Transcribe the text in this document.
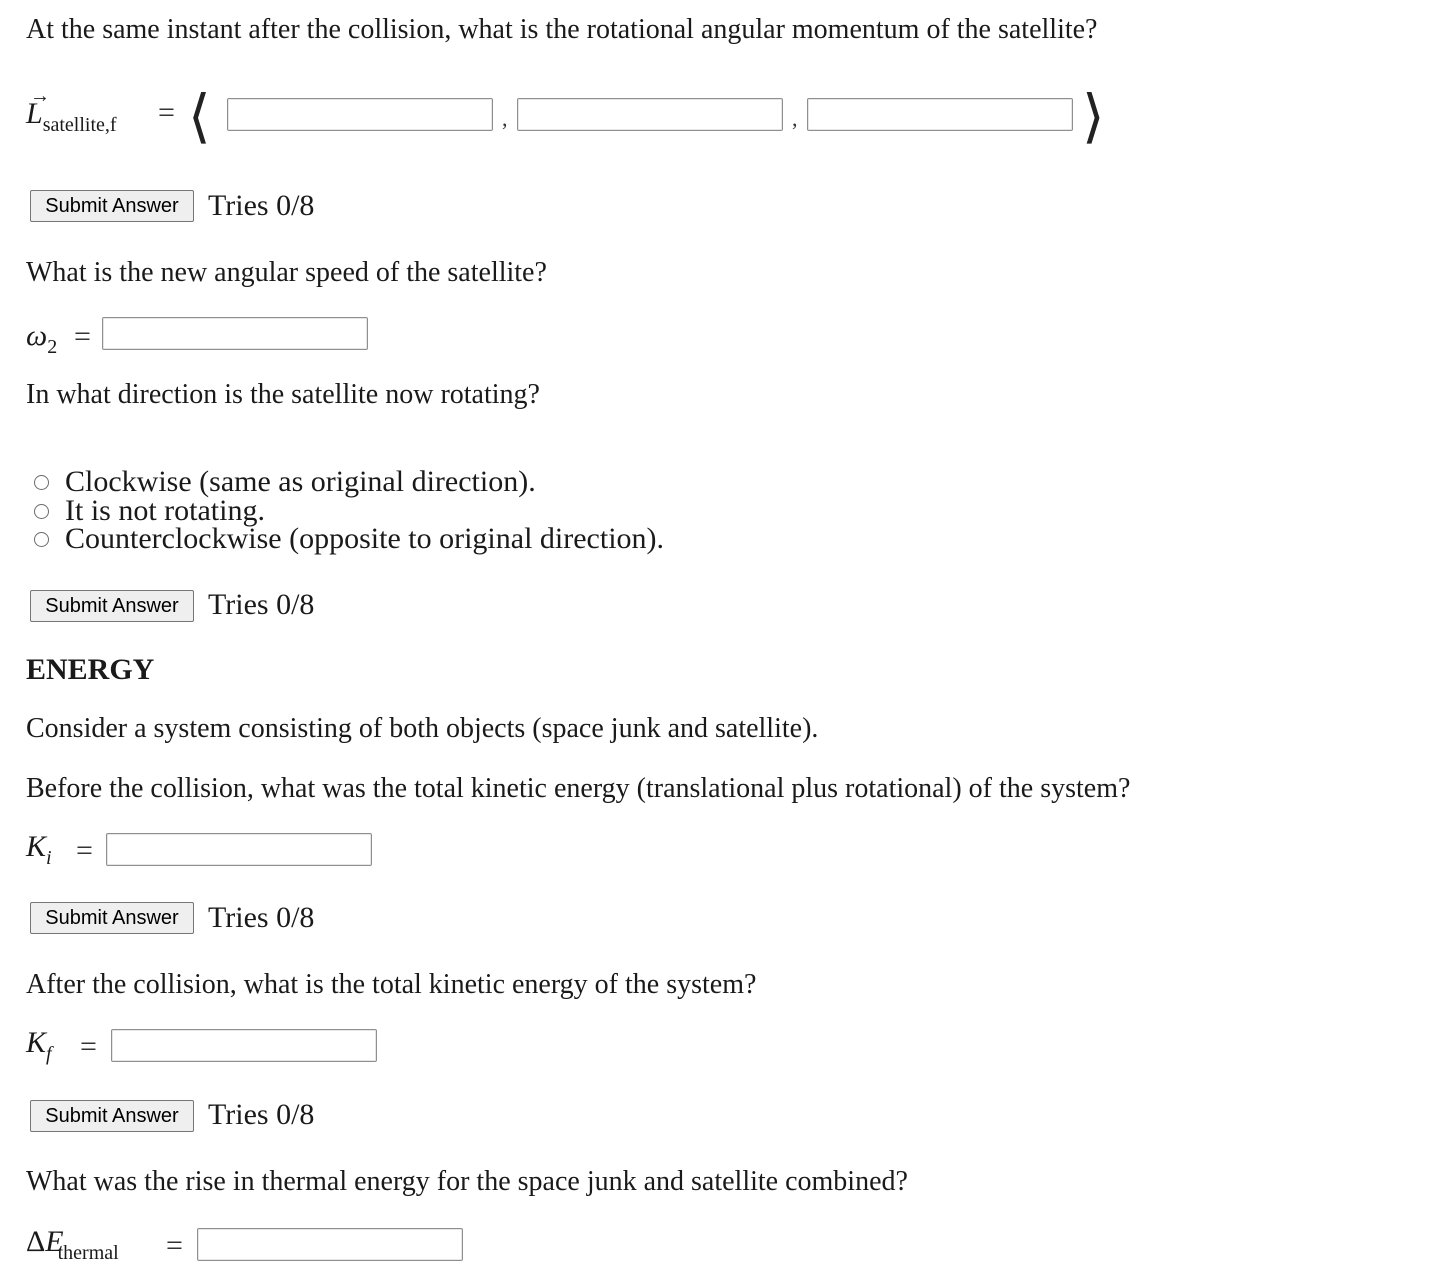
At the same instant after the collision, what is the rotational angular momentum of the satellite?
→
$L_{satellite,f}$ = ⟨	,	,	⟩
Submit Answer Tries 0/8
What is the new angular speed of the satellite?
$\omega_2$ =
In what direction is the satellite now rotating?
Clockwise (same as original direction).
It is not rotating.
Counterclockwise (opposite to original direction).
Submit Answer Tries 0/8
ENERGY
Consider a system consisting of both objects (space junk and satellite).
Before the collision, what was the total kinetic energy (translational plus rotational) of the system?
$K_i$ =
Submit Answer Tries 0/8
After the collision, what is the total kinetic energy of the system?
$K_f$ =
Submit Answer Tries 0/8
What was the rise in thermal energy for the space junk and satellite combined?
$\Delta E_{thermal}$ =
